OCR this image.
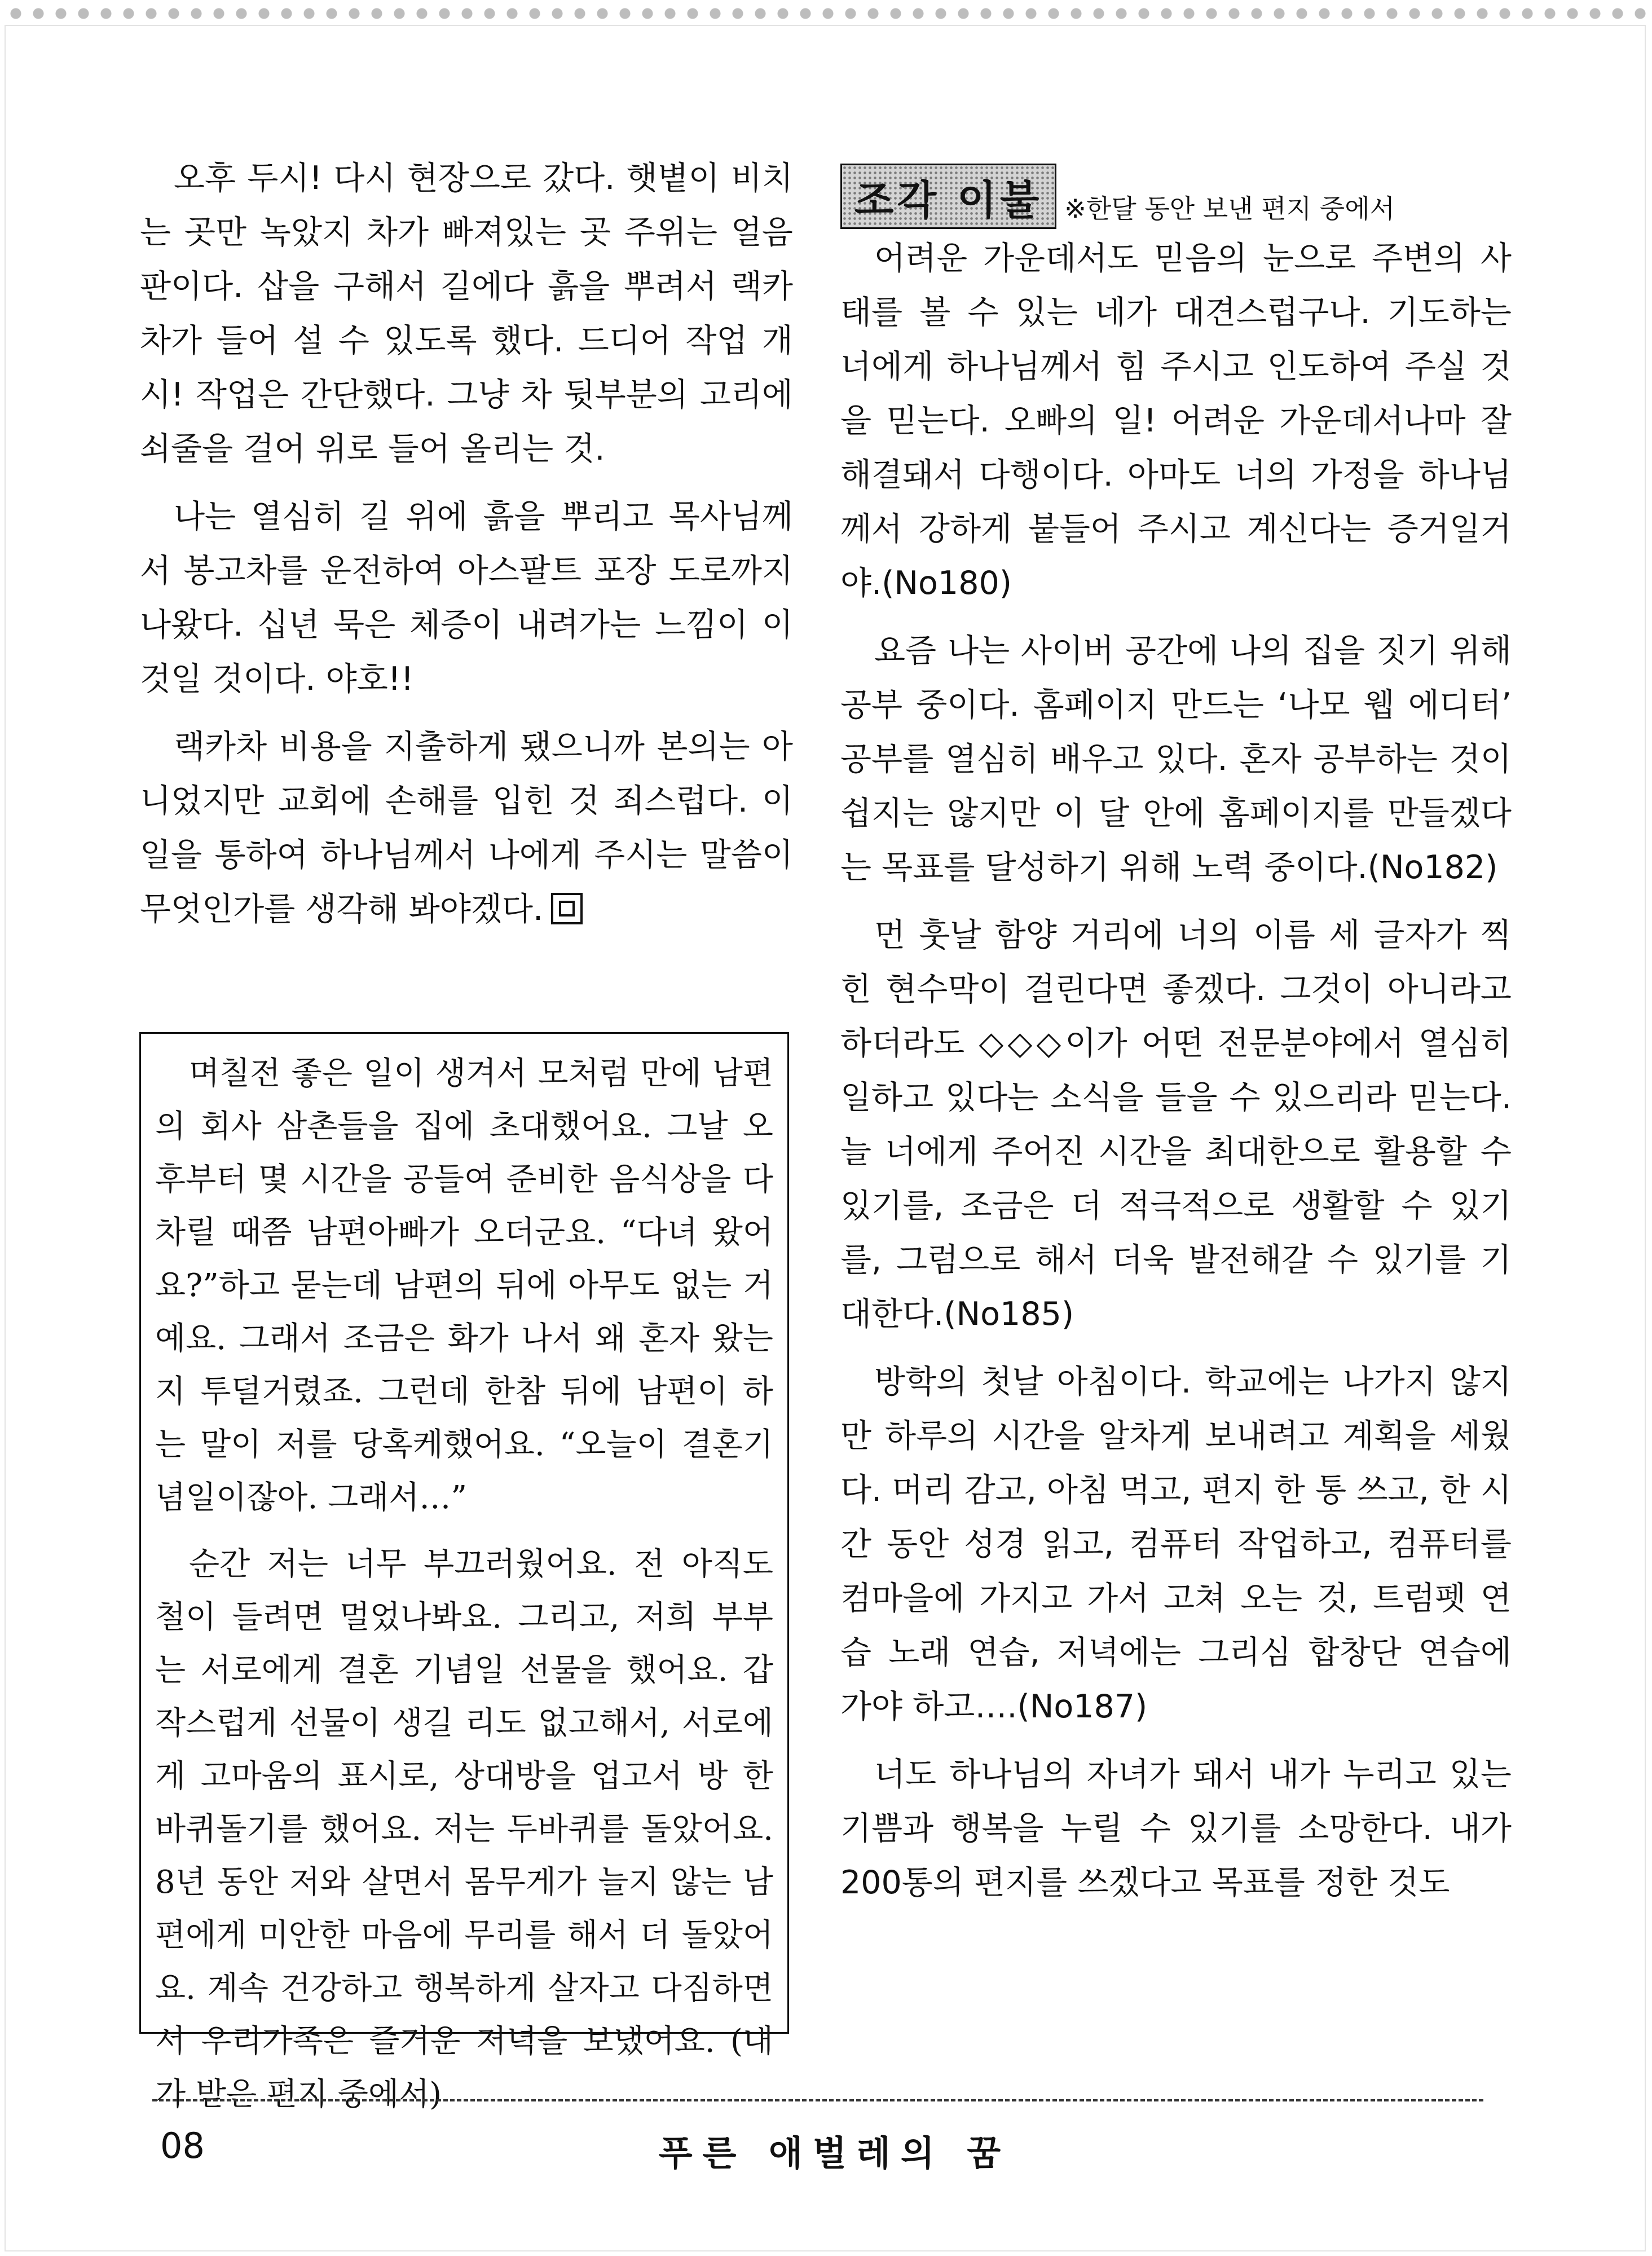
오후 두시! 다시 현장으로 갔다. 햇볕이 비치는 곳만 녹았지 차가 빠져있는 곳 주위는 얼음판이다. 삽을 구해서 길에다 흙을 뿌려서 랙카차가 들어 설 수 있도록 했다. 드디어 작업 개시! 작업은 간단했다. 그냥 차 뒷부분의 고리에 쇠줄을 걸어 위로 들어 올리는 것.

나는 열심히 길 위에 흙을 뿌리고 목사님께서 봉고차를 운전하여 아스팔트 포장 도로까지 나왔다. 십년 묵은 체증이 내려가는 느낌이 이것일 것이다. 야호!!

랙카차 비용을 지출하게 됐으니까 본의는 아니었지만 교회에 손해를 입힌 것 죄스럽다. 이 일을 통하여 하나님께서 나에게 주시는 말씀이 무엇인가를 생각해 봐야겠다.

며칠전 좋은 일이 생겨서 모처럼 만에 남편의 회사 삼촌들을 집에 초대했어요. 그날 오후부터 몇 시간을 공들여 준비한 음식상을 다 차릴 때쯤 남편아빠가 오더군요. “다녀 왔어요?”하고 묻는데 남편의 뒤에 아무도 없는 거예요. 그래서 조금은 화가 나서 왜 혼자 왔는지 투덜거렸죠. 그런데 한참 뒤에 남편이 하는 말이 저를 당혹케했어요. “오늘이 결혼기념일이잖아. 그래서…”

순간 저는 너무 부끄러웠어요. 전 아직도 철이 들려면 멀었나봐요. 그리고, 저희 부부는 서로에게 결혼 기념일 선물을 했어요. 갑작스럽게 선물이 생길 리도 없고해서, 서로에게 고마움의 표시로, 상대방을 업고서 방 한바퀴돌기를 했어요. 저는 두바퀴를 돌았어요. 8년 동안 저와 살면서 몸무게가 늘지 않는 남편에게 미안한 마음에 무리를 해서 더 돌았어요. 계속 건강하고 행복하게 살자고 다짐하면서 우리가족은 즐거운 저녁을 보냈어요. (내가 받은 편지 중에서)

조각 이불 ※한달 동안 보낸 편지 중에서

어려운 가운데서도 믿음의 눈으로 주변의 사태를 볼 수 있는 네가 대견스럽구나. 기도하는 너에게 하나님께서 힘 주시고 인도하여 주실 것을 믿는다. 오빠의 일! 어려운 가운데서나마 잘 해결돼서 다행이다. 아마도 너의 가정을 하나님께서 강하게 붙들어 주시고 계신다는 증거일거야.(No180)

요즘 나는 사이버 공간에 나의 집을 짓기 위해 공부 중이다. 홈페이지 만드는 ‘나모 웹 에디터’ 공부를 열심히 배우고 있다. 혼자 공부하는 것이 쉽지는 않지만 이 달 안에 홈페이지를 만들겠다는 목표를 달성하기 위해 노력 중이다.(No182)

먼 훗날 함양 거리에 너의 이름 세 글자가 찍힌 현수막이 걸린다면 좋겠다. 그것이 아니라고 하더라도 ◇◇◇이가 어떤 전문분야에서 열심히 일하고 있다는 소식을 들을 수 있으리라 믿는다. 늘 너에게 주어진 시간을 최대한으로 활용할 수 있기를, 조금은 더 적극적으로 생활할 수 있기를, 그럼으로 해서 더욱 발전해갈 수 있기를 기대한다.(No185)

방학의 첫날 아침이다. 학교에는 나가지 않지만 하루의 시간을 알차게 보내려고 계획을 세웠다. 머리 감고, 아침 먹고, 편지 한 통 쓰고, 한 시간 동안 성경 읽고, 컴퓨터 작업하고, 컴퓨터를 컴마을에 가지고 가서 고쳐 오는 것, 트럼펫 연습 노래 연습, 저녁에는 그리심 합창단 연습에 가야 하고….(No187)

너도 하나님의 자녀가 돼서 내가 누리고 있는 기쁨과 행복을 누릴 수 있기를 소망한다. 내가 200통의 편지를 쓰겠다고 목표를 정한 것도

08	푸른 애벌레의 꿈
